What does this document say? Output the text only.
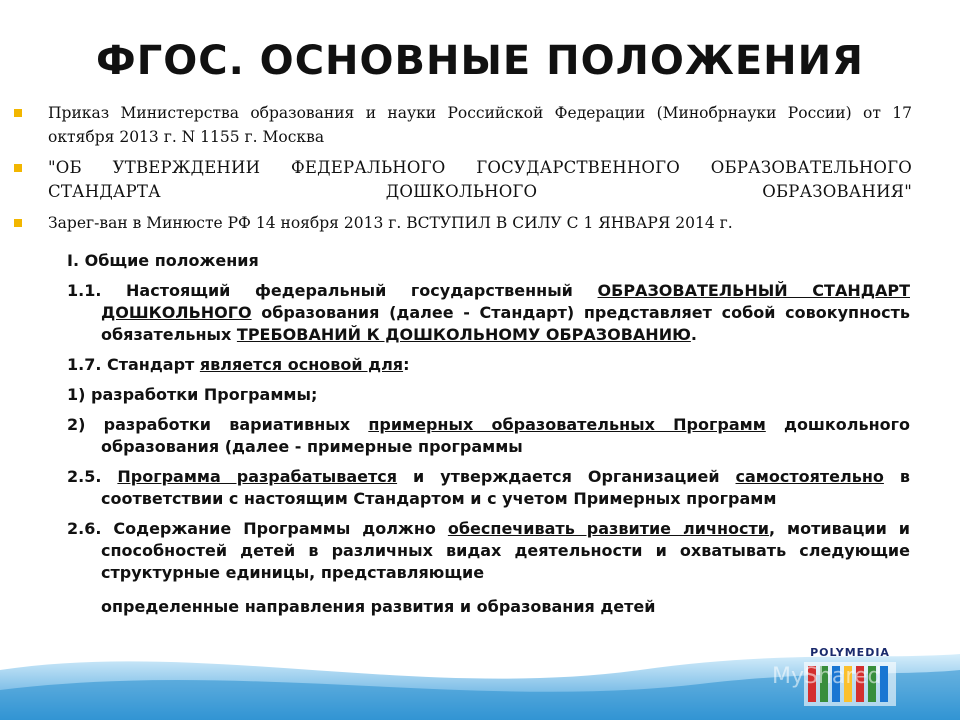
ФГОС. ОСНОВНЫЕ ПОЛОЖЕНИЯ
Приказ Министерства образования и науки Российской Федерации (Минобрнауки России) от 17 октября 2013 г. N 1155 г. Москва
"ОБ УТВЕРЖДЕНИИ ФЕДЕРАЛЬНОГО ГОСУДАРСТВЕННОГО ОБРАЗОВАТЕЛЬНОГО СТАНДАРТА ДОШКОЛЬНОГО ОБРАЗОВАНИЯ"
Зарег-ван в Минюсте РФ 14 ноября 2013 г. ВСТУПИЛ В СИЛУ С 1 ЯНВАРЯ 2014 г.

I. Общие положения

1.1. Настоящий федеральный государственный ОБРАЗОВАТЕЛЬНЫЙ СТАНДАРТ ДОШКОЛЬНОГО образования (далее - Стандарт) представляет собой совокупность обязательных ТРЕБОВАНИЙ К ДОШКОЛЬНОМУ ОБРАЗОВАНИЮ.

1.7. Стандарт является основой для:

1) разработки Программы;

2) разработки вариативных примерных образовательных Программ дошкольного образования (далее - примерные программы

2.5. Программа разрабатывается и утверждается Организацией самостоятельно в соответствии с настоящим Стандартом и с учетом Примерных программ

2.6. Содержание Программы должно обеспечивать развитие личности, мотивации и способностей детей в различных видах деятельности и охватывать следующие структурные единицы, представляющие

определенные направления развития и образования детей

POLYMEDIA
MyShared
